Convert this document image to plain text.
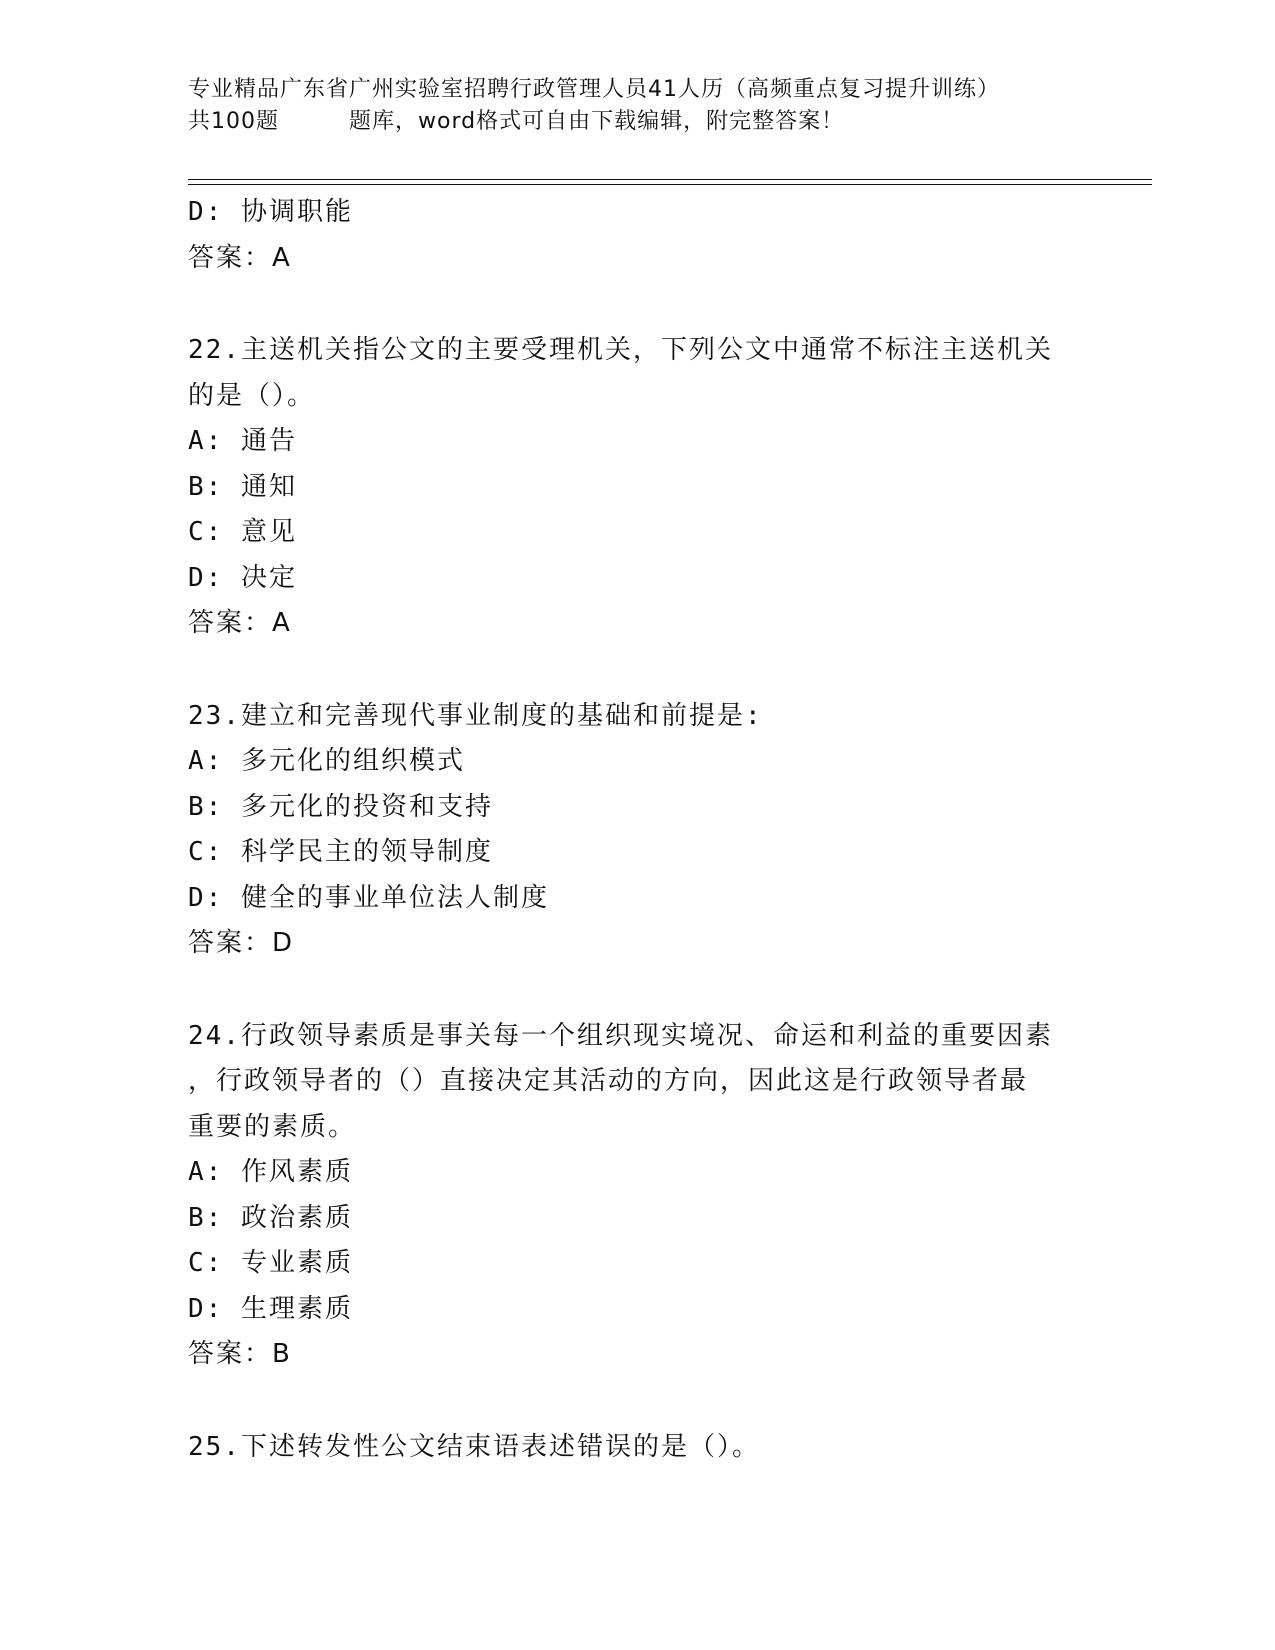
专业精品广东省广州实验室招聘行政管理人员41人历（高频重点复习提升训练）
共100题	题库，word格式可自由下载编辑，附完整答案！
D: 协调职能
答案：A
22.主送机关指公文的主要受理机关，下列公文中通常不标注主送机关
的是（）。
A: 通告
B: 通知
C: 意见
D: 决定
答案：A
23.建立和完善现代事业制度的基础和前提是:
A: 多元化的组织模式
B: 多元化的投资和支持
C: 科学民主的领导制度
D: 健全的事业单位法人制度
答案：D
24.行政领导素质是事关每一个组织现实境况、命运和利益的重要因素
，行政领导者的（）直接决定其活动的方向，因此这是行政领导者最
重要的素质。
A: 作风素质
B: 政治素质
C: 专业素质
D: 生理素质
答案：B
25.下述转发性公文结束语表述错误的是（）。
